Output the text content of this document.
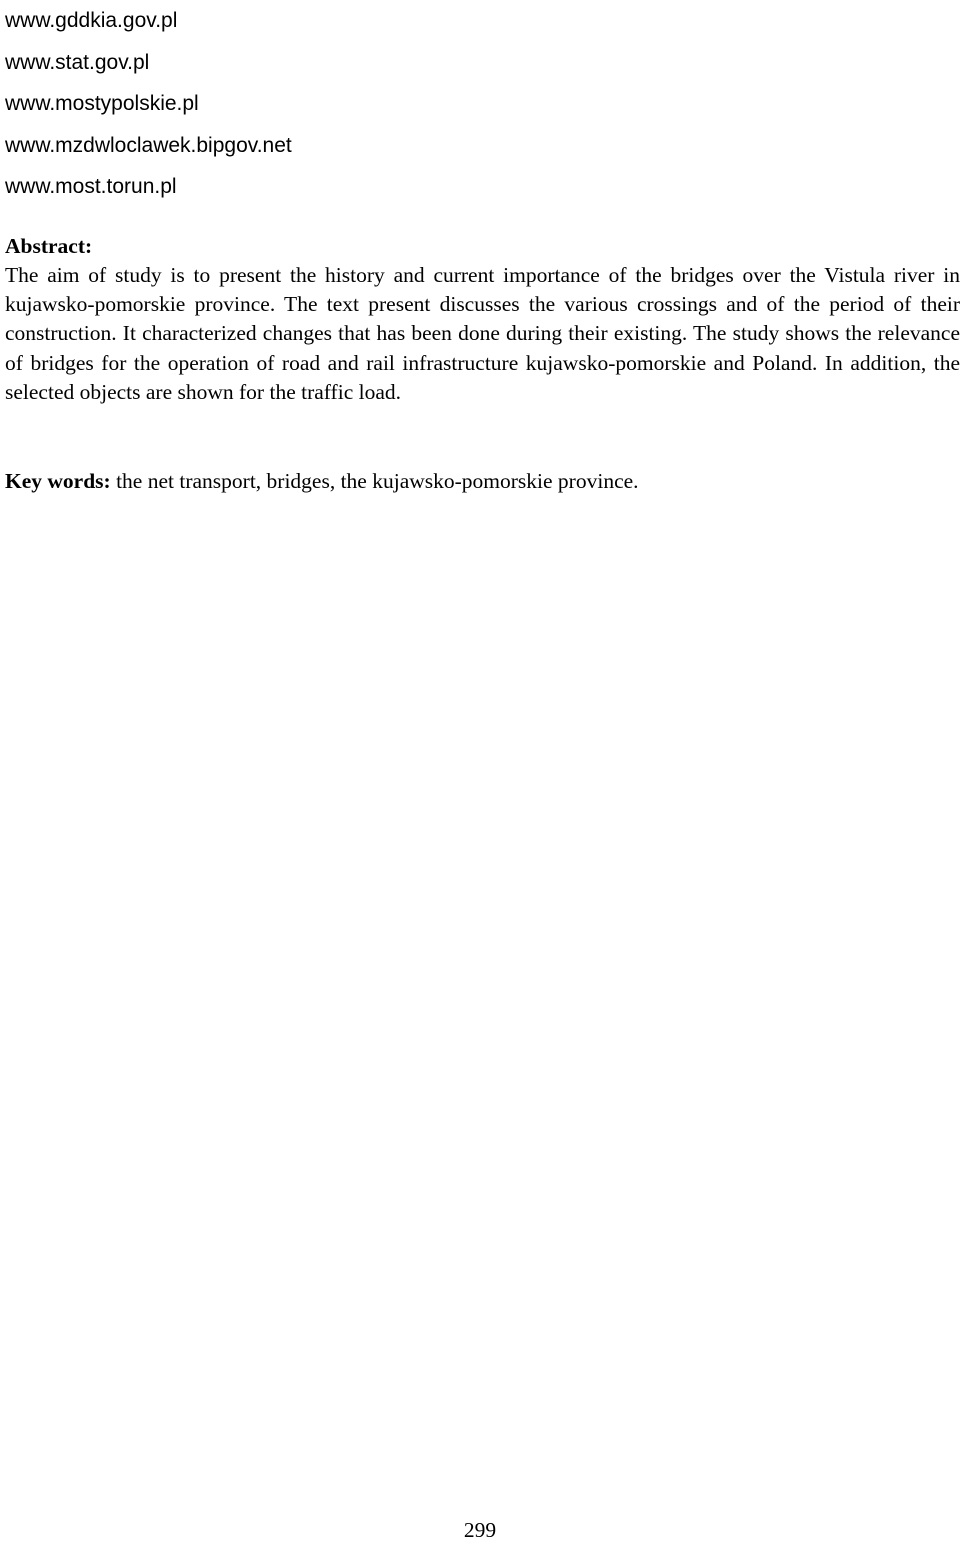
www.gddkia.gov.pl
www.stat.gov.pl
www.mostypolskie.pl
www.mzdwloclawek.bipgov.net
www.most.torun.pl

Abstract:

The aim of study is to present the history and current importance of the bridges over the Vistula river in kujawsko-pomorskie province. The text present discusses the various crossings and of the period of their construction. It characterized changes that has been done during their existing. The study shows the relevance of bridges for the operation of road and rail infrastructure kujawsko-pomorskie and Poland. In addition, the selected objects are shown for the traffic load.

Key words: the net transport, bridges, the kujawsko-pomorskie province.

299
